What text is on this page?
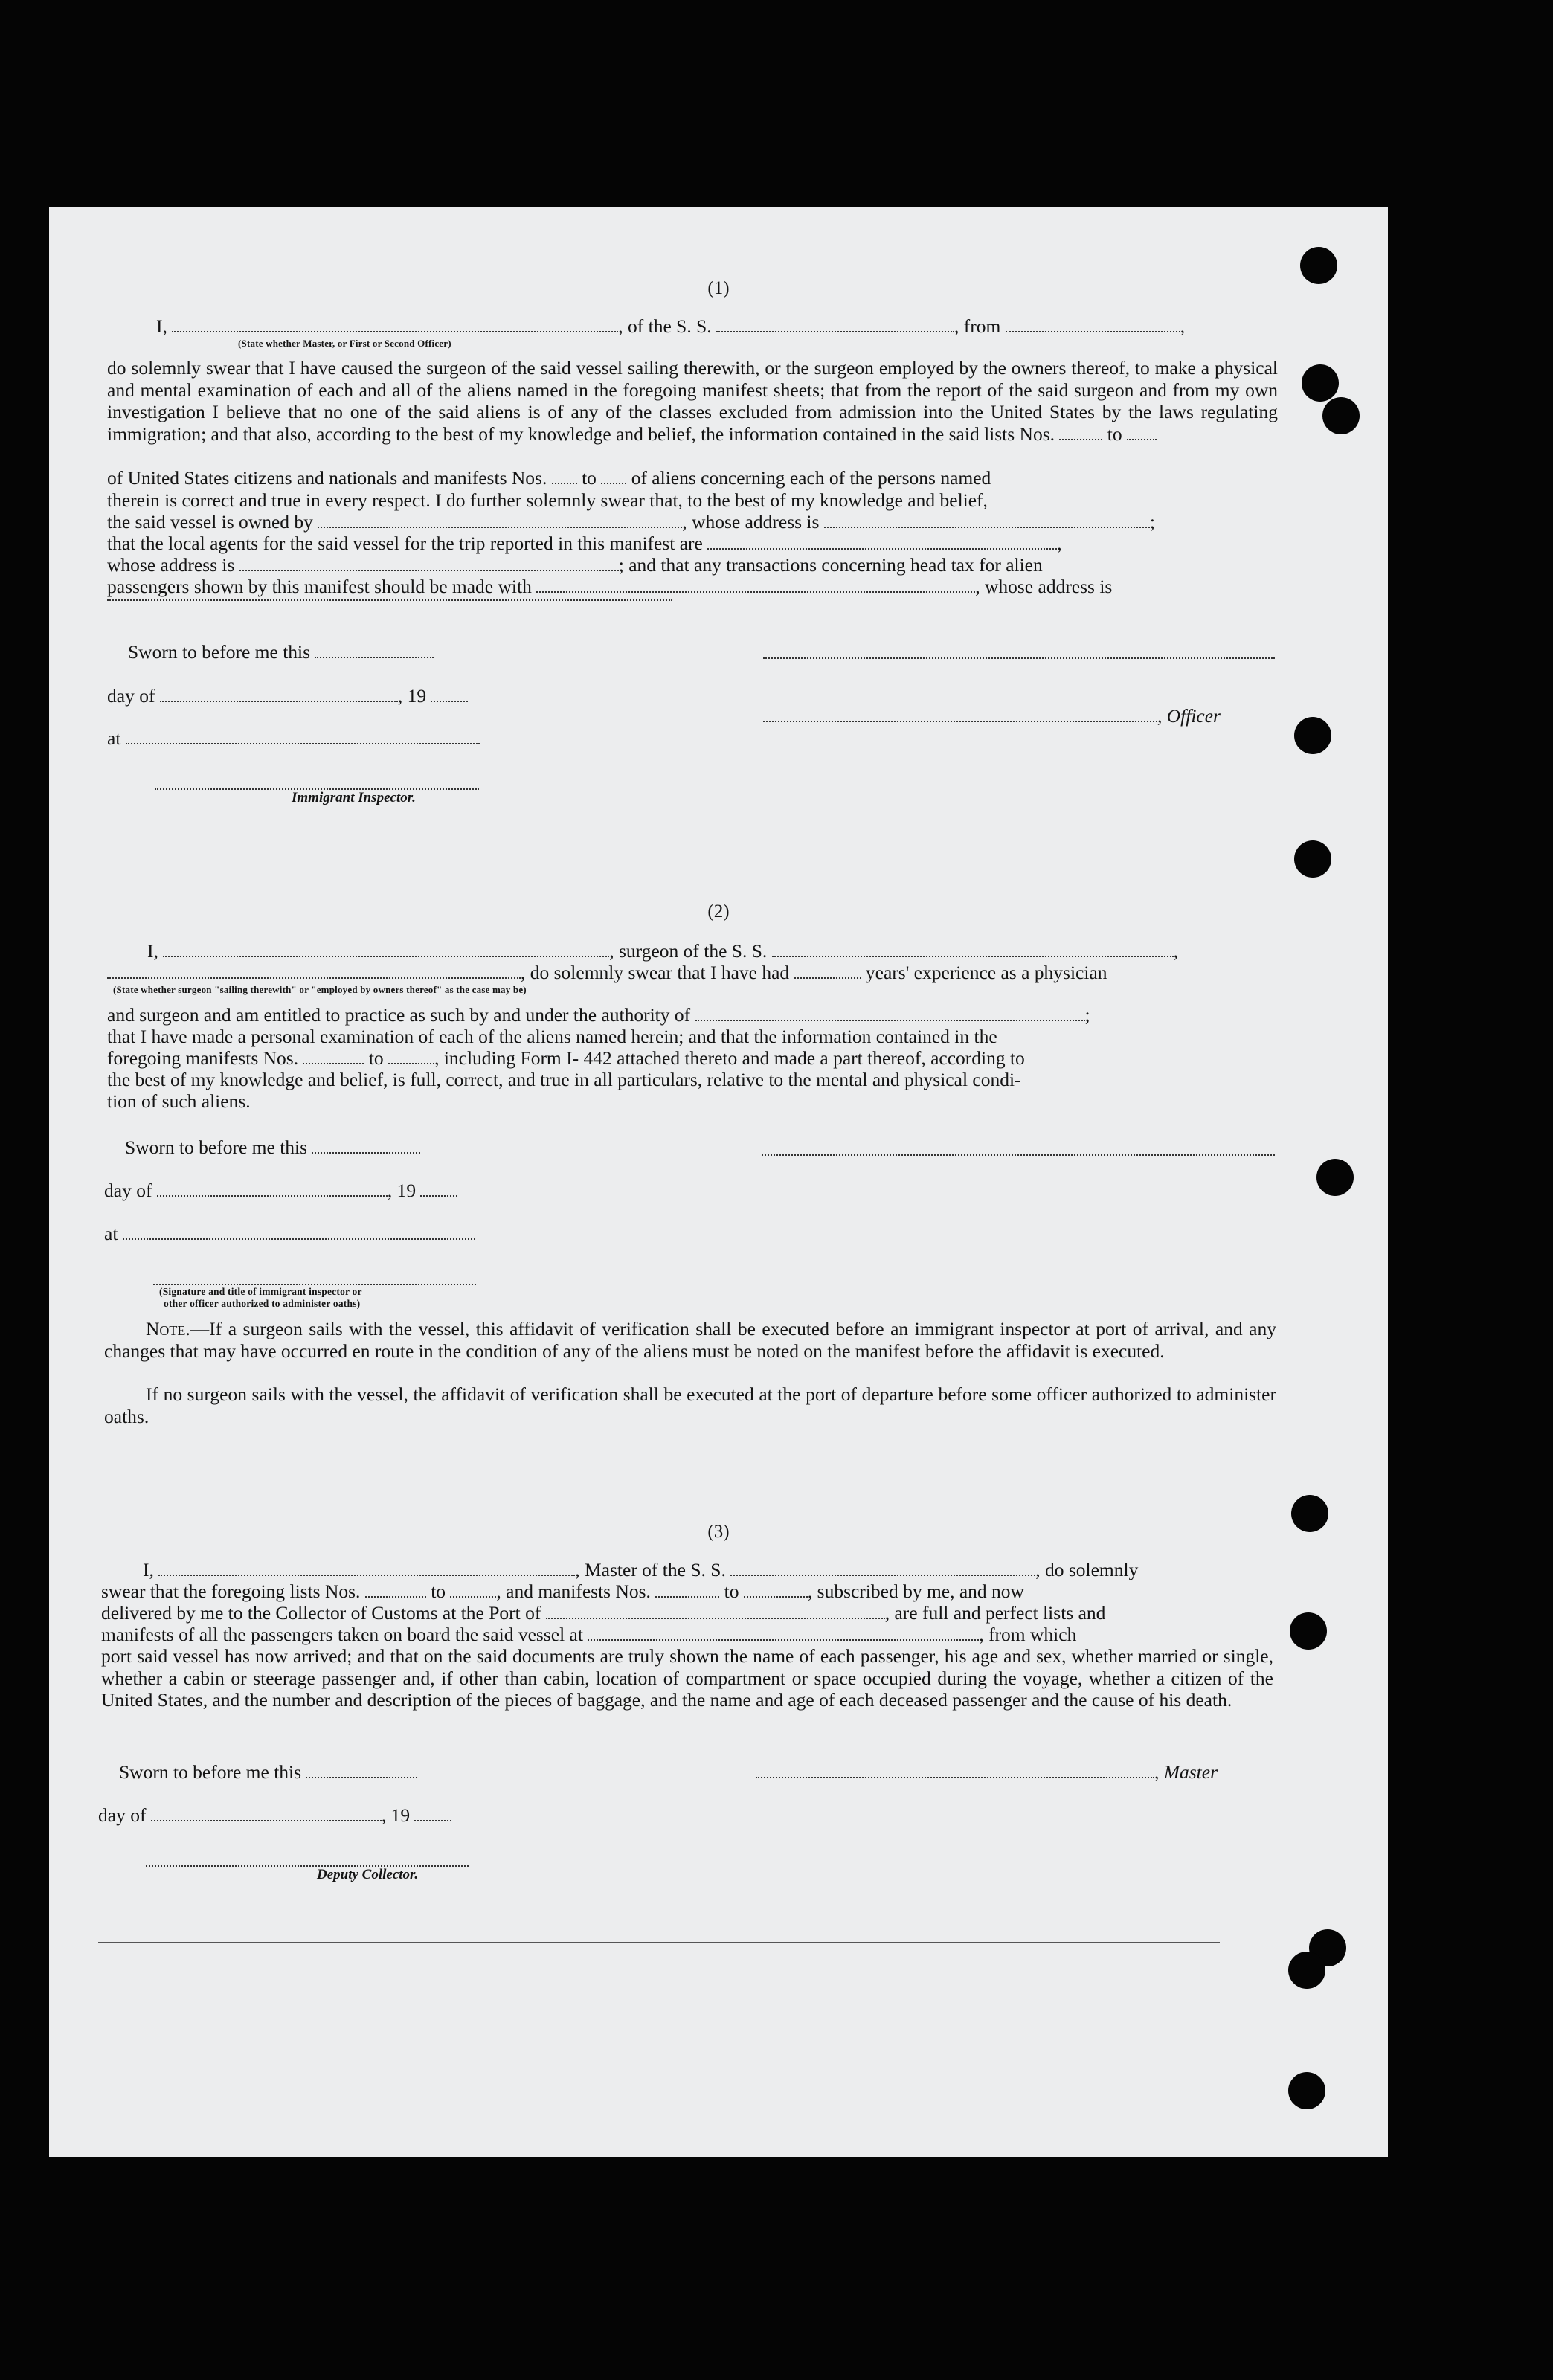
(1)
I,	, of the S. S.	, from	,
(State whether Master, or First or Second Officer)
do solemnly swear that I have caused the surgeon of the said vessel sailing therewith, or the surgeon employed by the owners thereof, to make a physical and mental examination of each and all of the aliens named in the foregoing manifest sheets; that from the report of the said surgeon and from my own investigation I believe that no one of the said aliens is of any of the classes excluded from admission into the United States by the laws regulating immigration; and that also, according to the best of my knowledge and belief, the information contained in the said lists Nos.	to
of United States citizens and nationals and manifests Nos. to of aliens concerning each of the persons named
therein is correct and true in every respect. I do further solemnly swear that, to the best of my knowledge and belief,
the said vessel is owned by	, whose address is	;
that the local agents for the said vessel for the trip reported in this manifest are	,
whose address is	; and that any transactions concerning head tax for alien
passengers shown by this manifest should be made with	, whose address is
Sworn to before me this
day of	, 19
, Officer
at
Immigrant Inspector.
(2)
I,	, surgeon of the S. S.	,
, do solemnly swear that I have had	years' experience as a physician
(State whether surgeon "sailing therewith" or "employed by owners thereof" as the case may be)
and surgeon and am entitled to practice as such by and under the authority of	;
that I have made a personal examination of each of the aliens named herein; and that the information contained in the
foregoing manifests Nos.	to	, including Form I- 442 attached thereto and made a part thereof, according to
the best of my knowledge and belief, is full, correct, and true in all particulars, relative to the mental and physical condi-
tion of such aliens.
Sworn to before me this
day of	, 19
at
(Signature and title of immigrant inspector or
other officer authorized to administer oaths)
Note.—If a surgeon sails with the vessel, this affidavit of verification shall be executed before an immigrant inspector at port of arrival, and any changes that may have occurred en route in the condition of any of the aliens must be noted on the manifest before the affidavit is executed.
If no surgeon sails with the vessel, the affidavit of verification shall be executed at the port of departure before some officer authorized to administer oaths.
(3)
I,	, Master of the S. S.	, do solemnly
swear that the foregoing lists Nos.	to	, and manifests Nos.	to	, subscribed by me, and now
delivered by me to the Collector of Customs at the Port of	, are full and perfect lists and
manifests of all the passengers taken on board the said vessel at	, from which
port said vessel has now arrived; and that on the said documents are truly shown the name of each passenger, his age and sex, whether married or single, whether a cabin or steerage passenger and, if other than cabin, location of compartment or space occupied during the voyage, whether a citizen of the United States, and the number and description of the pieces of baggage, and the name and age of each deceased passenger and the cause of his death.
Sworn to before me this	, Master
day of	, 19
Deputy Collector.
